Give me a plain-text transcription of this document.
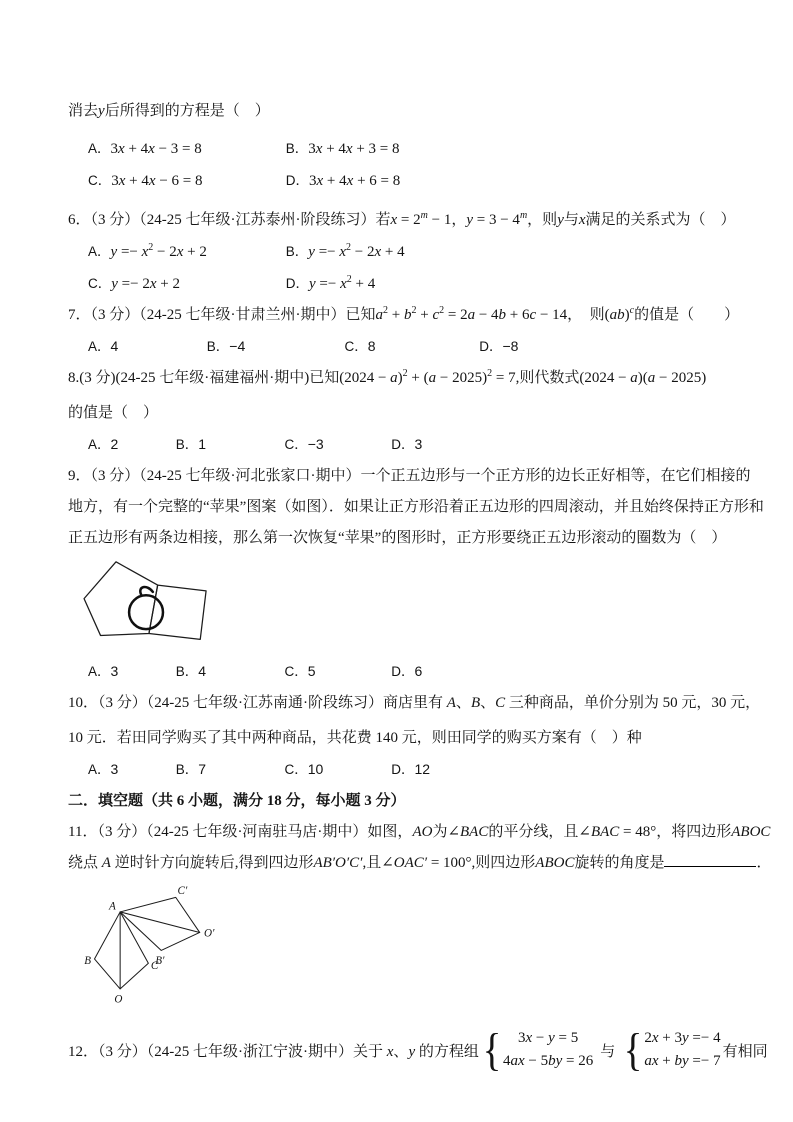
消去y后所得到的方程是（　）
A．3x + 4x − 3 = 8	B．3x + 4x + 3 = 8
C．3x + 4x − 6 = 8	D．3x + 4x + 6 = 8
6．（3 分）（24-25 七年级·江苏泰州·阶段练习）若$x = 2^m - 1$，$y = 3 - 4^m$，则y与x满足的关系式为（　）
A．$y =- x^2 - 2x + 2$	B．$y =- x^2 - 2x + 4$
C．y =− 2x + 2	D．$y =- x^2 + 4$
7．（3 分）（24-25 七年级·甘肃兰州·期中）已知$a^2 + b^2 + c^2 = 2a - 4b + 6c - 14$，　则(ab)$^c$的值是（　　）
A．4	B．−4	C．8	D．−8
8.(3 分)(24-25 七年级·福建福州·期中)已知$(2024 - a)^2 + (a - 2025)^2 = 7$,则代数式(2024 − a)(a − 2025)
的值是（　）
A．2	B．1	C．−3	D．3
9．（3 分）（24-25 七年级·河北张家口·期中）一个正五边形与一个正方形的边长正好相等，在它们相接的
地方，有一个完整的“苹果”图案（如图）．如果让正方形沿着正五边形的四周滚动，并且始终保持正方形和
正五边形有两条边相接，那么第一次恢复“苹果”的图形时，正方形要绕正五边形滚动的圈数为（　）
A．3	B．4	C．5	D．6
10．（3 分）（24-25 七年级·江苏南通·阶段练习）商店里有 A、B、C 三种商品，单价分别为 50 元，30 元，
10 元．若田同学购买了其中两种商品，共花费 140 元，则田同学的购买方案有（　）种
A．3	B．7	C．10	D．12
二．填空题（共 6 小题，满分 18 分，每小题 3 分）
11．（3 分）（24-25 七年级·河南驻马店·期中）如图，AO为∠BAC的平分线，且∠BAC = 48°，将四边形ABOC
绕点 A 逆时针方向旋转后,得到四边形AB′O′C′,且∠OAC′ = 100°,则四边形ABOC旋转的角度是	．
A
C′
O′
B′
B	C
O
12．（3 分）（24-25 七年级·浙江宁波·期中）关于 x、y 的方程组 {	3x − y = 5
4ax − 5by = 26
与 { 2x + 3y =− 4
ax + by =− 7
有相同
